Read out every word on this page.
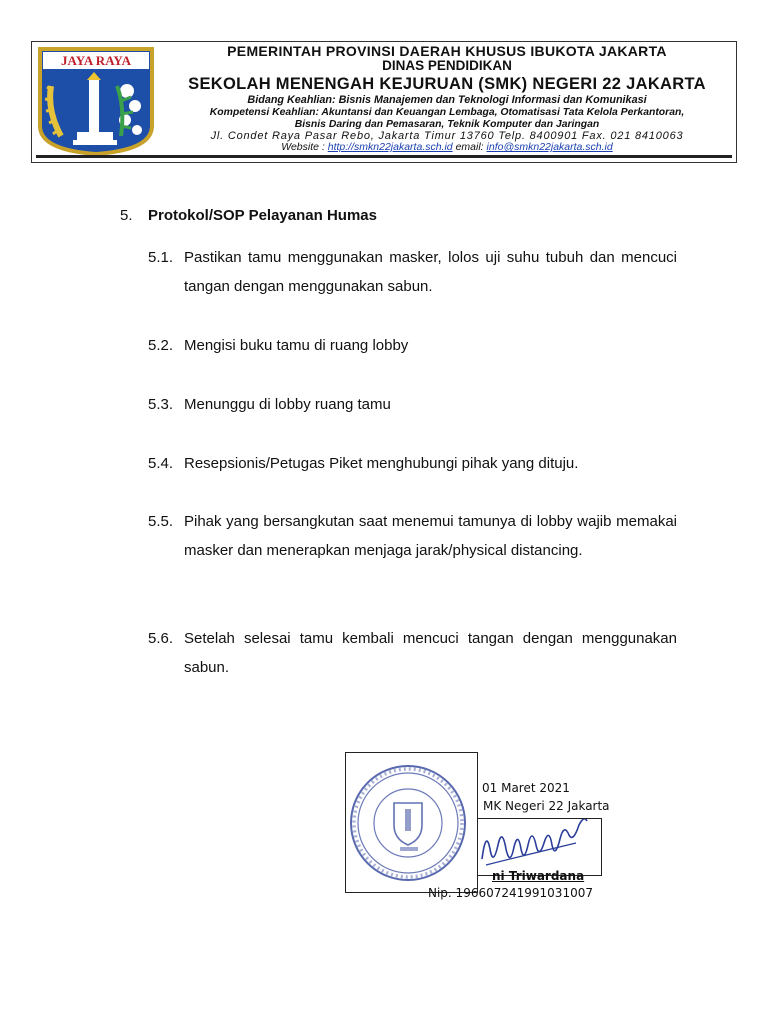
JAYA RAYA
PEMERINTAH PROVINSI DAERAH KHUSUS IBUKOTA JAKARTA
DINAS PENDIDIKAN
SEKOLAH MENENGAH KEJURUAN (SMK) NEGERI 22 JAKARTA
Bidang Keahlian: Bisnis Manajemen dan Teknologi Informasi dan Komunikasi
Kompetensi Keahlian: Akuntansi dan Keuangan Lembaga, Otomatisasi Tata Kelola Perkantoran,
Bisnis Daring dan Pemasaran, Teknik Komputer dan Jaringan
Jl. Condet Raya Pasar Rebo, Jakarta Timur 13760 Telp. 8400901 Fax. 021 8410063
Website : http://smkn22jakarta.sch.id email: info@smkn22jakarta.sch.id
5. Protokol/SOP Pelayanan Humas
5.1. Pastikan tamu menggunakan masker, lolos uji suhu tubuh dan mencuci tangan dengan menggunakan sabun.
5.2. Mengisi buku tamu di ruang lobby
5.3. Menunggu di lobby ruang tamu
5.4. Resepsionis/Petugas Piket menghubungi pihak yang dituju.
5.5. Pihak yang bersangkutan saat menemui tamunya di lobby wajib memakai masker dan menerapkan menjaga jarak/physical distancing.
5.6. Setelah selesai tamu kembali mencuci tangan dengan menggunakan sabun.
01 Maret 2021
MK Negeri 22 Jakarta
ni Triwardana
Nip. 196607241991031007
